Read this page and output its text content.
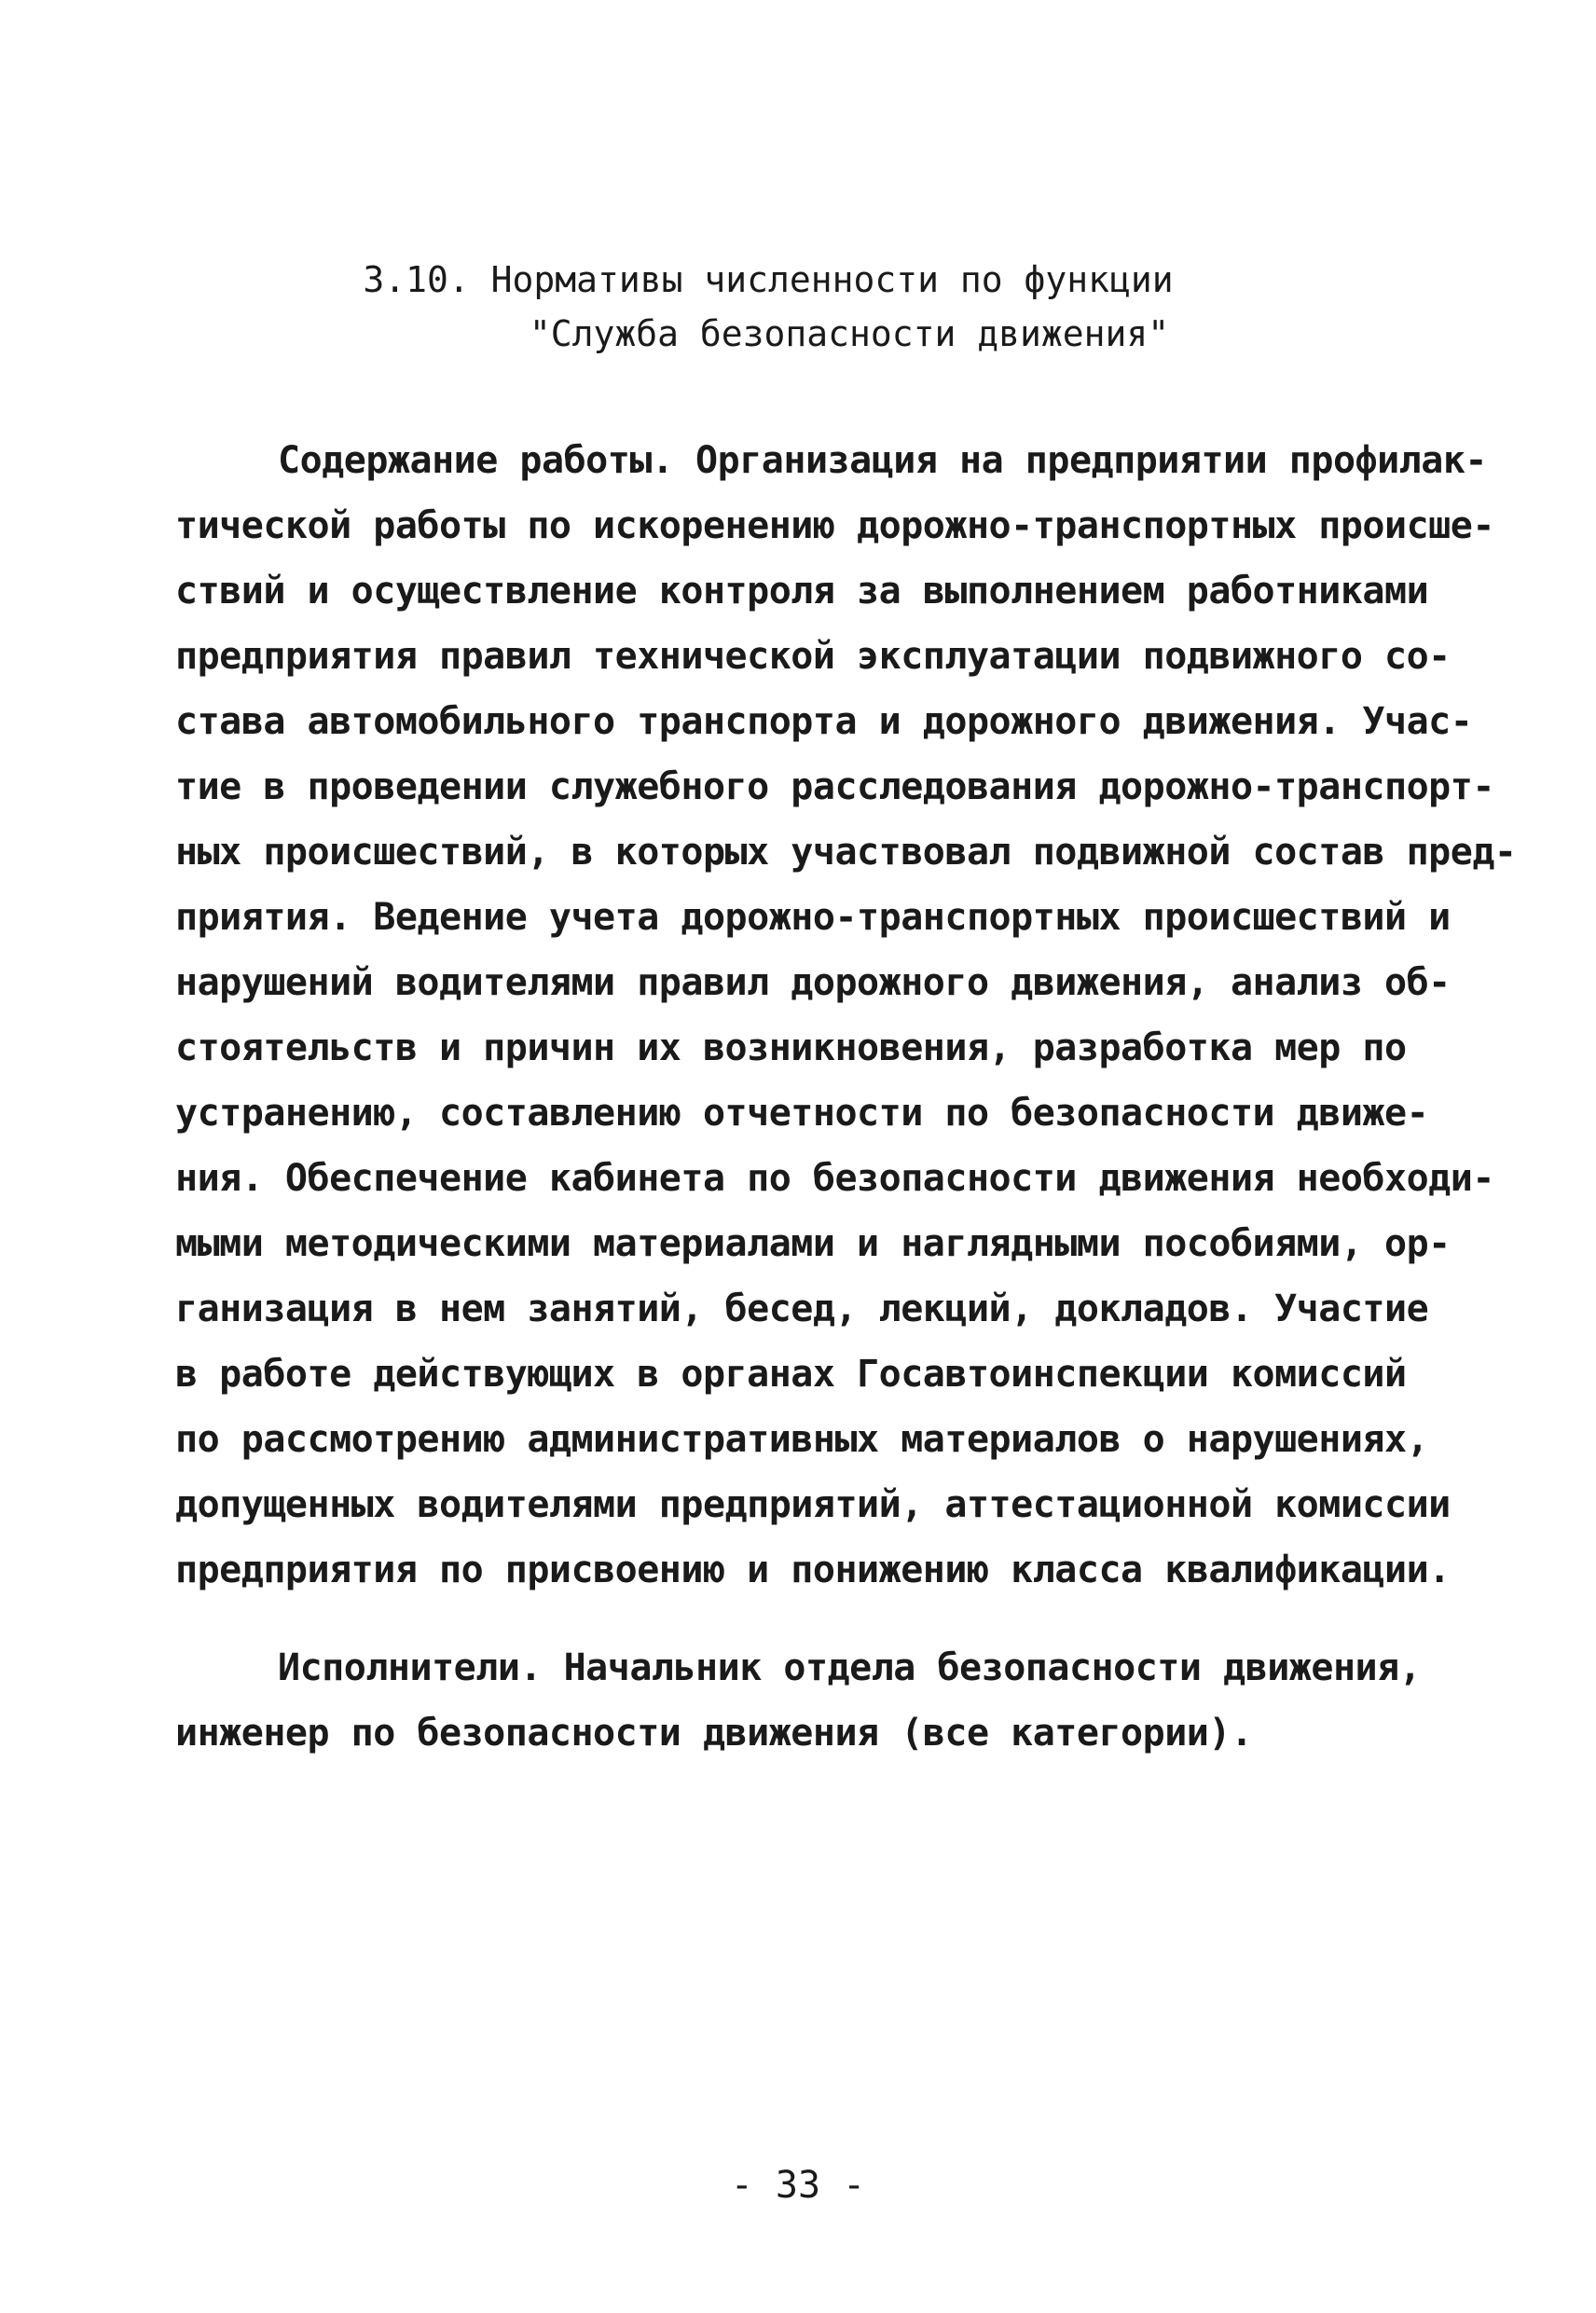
3.10. Нормативы численности по функции
"Служба безопасности движения"
Содержание работы. Организация на предприятии профилак-
тической работы по искоренению дорожно-транспортных происше-
ствий и осуществление контроля за выполнением работниками
предприятия правил технической эксплуатации подвижного со-
става автомобильного транспорта и дорожного движения. Учас-
тие в проведении служебного расследования дорожно-транспорт-
ных происшествий, в которых участвовал подвижной состав пред-
приятия. Ведение учета дорожно-транспортных происшествий и
нарушений водителями правил дорожного движения, анализ об-
стоятельств и причин их возникновения, разработка мер по
устранению, составлению отчетности по безопасности движе-
ния. Обеспечение кабинета по безопасности движения необходи-
мыми методическими материалами и наглядными пособиями, ор-
ганизация в нем занятий, бесед, лекций, докладов. Участие
в работе действующих в органах Госавтоинспекции комиссий
по рассмотрению административных материалов о нарушениях,
допущенных водителями предприятий, аттестационной комиссии
предприятия по присвоению и понижению класса квалификации.
Исполнители. Начальник отдела безопасности движения,
инженер по безопасности движения (все категории).
- 33 -
